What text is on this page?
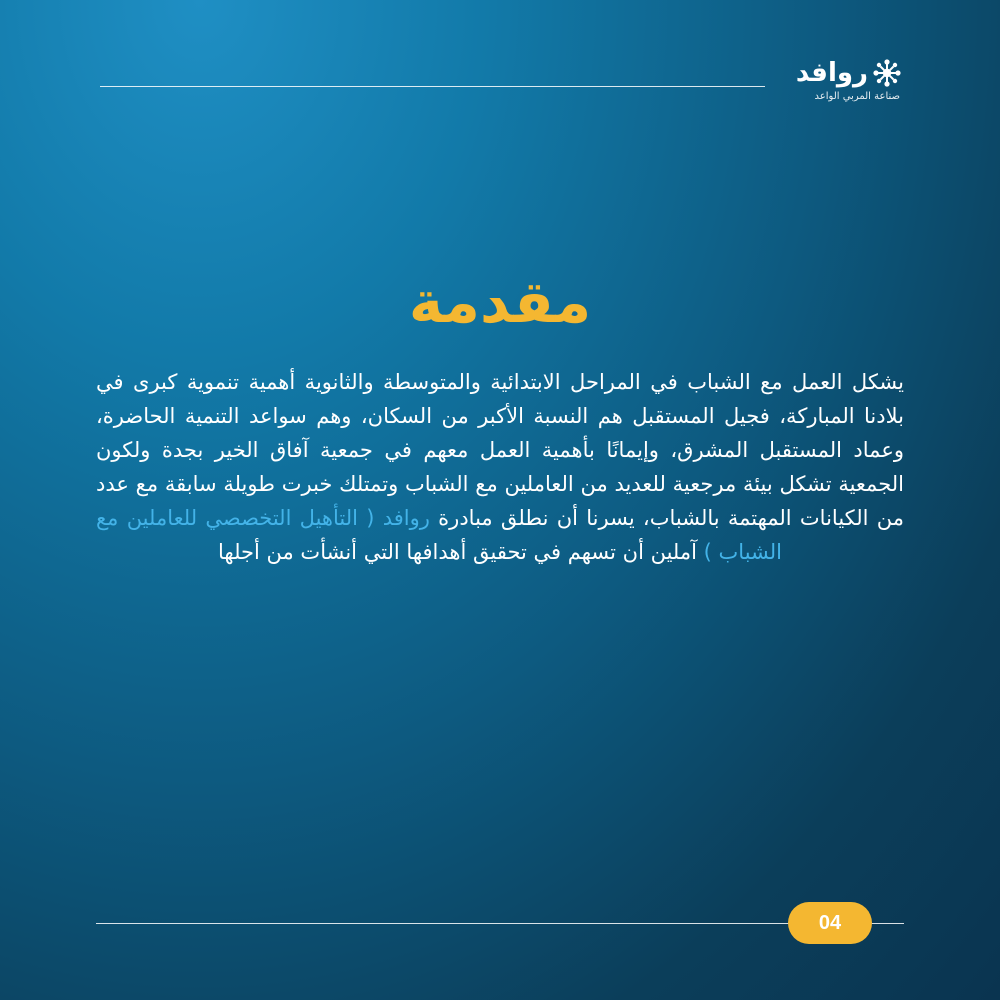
روافد
صناعة المربي الواعد
مقدمة
يشكل العمل مع الشباب في المراحل الابتدائية والمتوسطة والثانوية أهمية تنموية كبرى في بلادنا المباركة، فجيل المستقبل هم النسبة الأكبر من السكان، وهم سواعد التنمية الحاضرة، وعماد المستقبل المشرق، وإيمانًا بأهمية العمل معهم في جمعية آفاق الخير بجدة ولكون الجمعية تشكل بيئة مرجعية للعديد من العاملين مع الشباب وتمتلك خبرت طويلة سابقة مع عدد من الكيانات المهتمة بالشباب، يسرنا أن نطلق مبادرة روافد ( التأهيل التخصصي للعاملين مع الشباب ) آملين أن تسهم في تحقيق أهدافها التي أنشأت من أجلها
04
